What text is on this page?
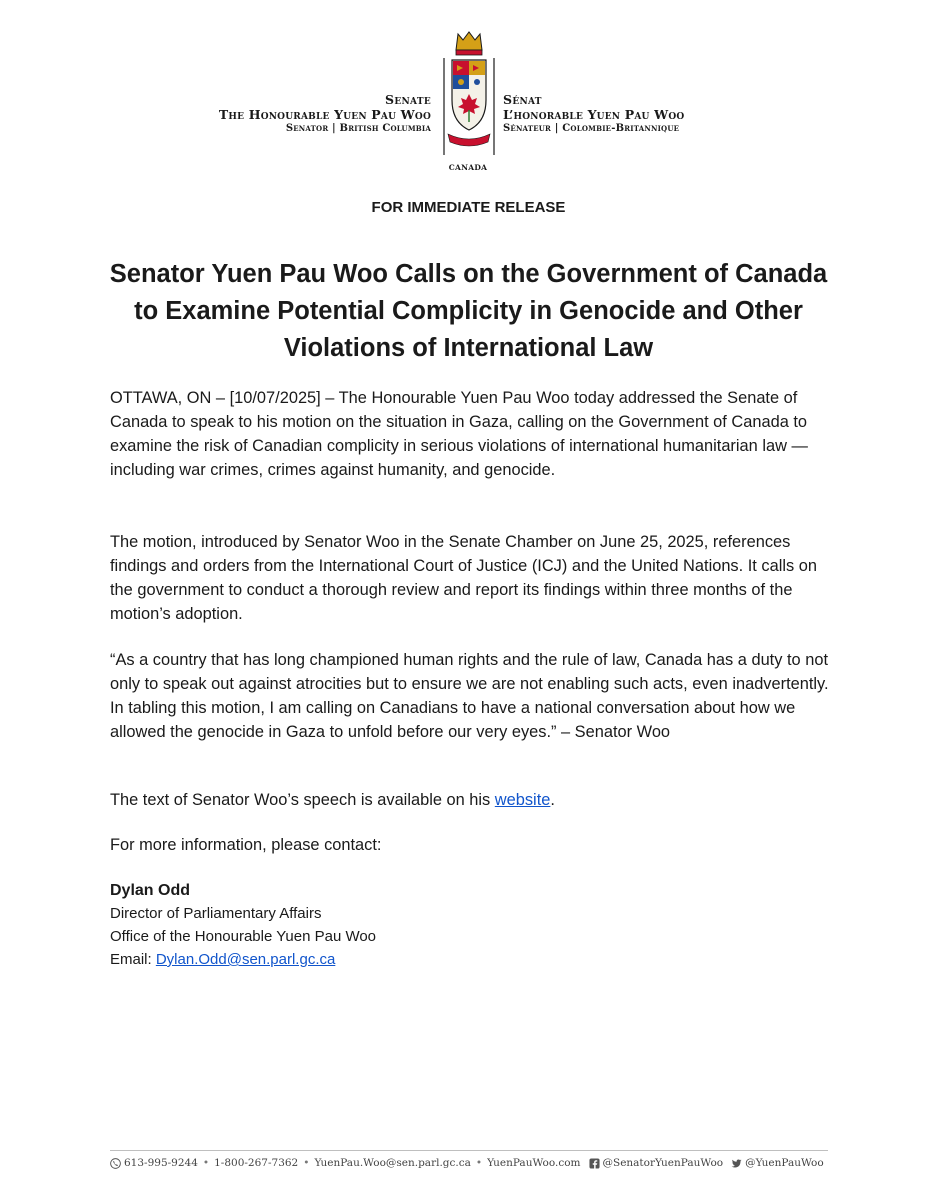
Senate
The Honourable Yuen Pau Woo
Senator | British Columbia
CANADA
Sénat
L’honorable Yuen Pau Woo
Sénateur | Colombie-Britannique
FOR IMMEDIATE RELEASE
Senator Yuen Pau Woo Calls on the Government of Canada to Examine Potential Complicity in Genocide and Other Violations of International Law

OTTAWA, ON – [10/07/2025] – The Honourable Yuen Pau Woo today addressed the Senate of Canada to speak to his motion on the situation in Gaza, calling on the Government of Canada to examine the risk of Canadian complicity in serious violations of international humanitarian law — including war crimes, crimes against humanity, and genocide.

The motion, introduced by Senator Woo in the Senate Chamber on June 25, 2025, references findings and orders from the International Court of Justice (ICJ) and the United Nations. It calls on the government to conduct a thorough review and report its findings within three months of the motion’s adoption.

“As a country that has long championed human rights and the rule of law, Canada has a duty to not only to speak out against atrocities but to ensure we are not enabling such acts, even inadvertently. In tabling this motion, I am calling on Canadians to have a national conversation about how we allowed the genocide in Gaza to unfold before our very eyes.” – Senator Woo

The text of Senator Woo’s speech is available on his website.

For more information, please contact:

Dylan Odd
Director of Parliamentary Affairs
Office of the Honourable Yuen Pau Woo
Email: Dylan.Odd@sen.parl.gc.ca
613-995-9244 • 1-800-267-7362 • YuenPau.Woo@sen.parl.gc.ca • YuenPauWoo.com @SenatorYuenPauWoo @YuenPauWoo
